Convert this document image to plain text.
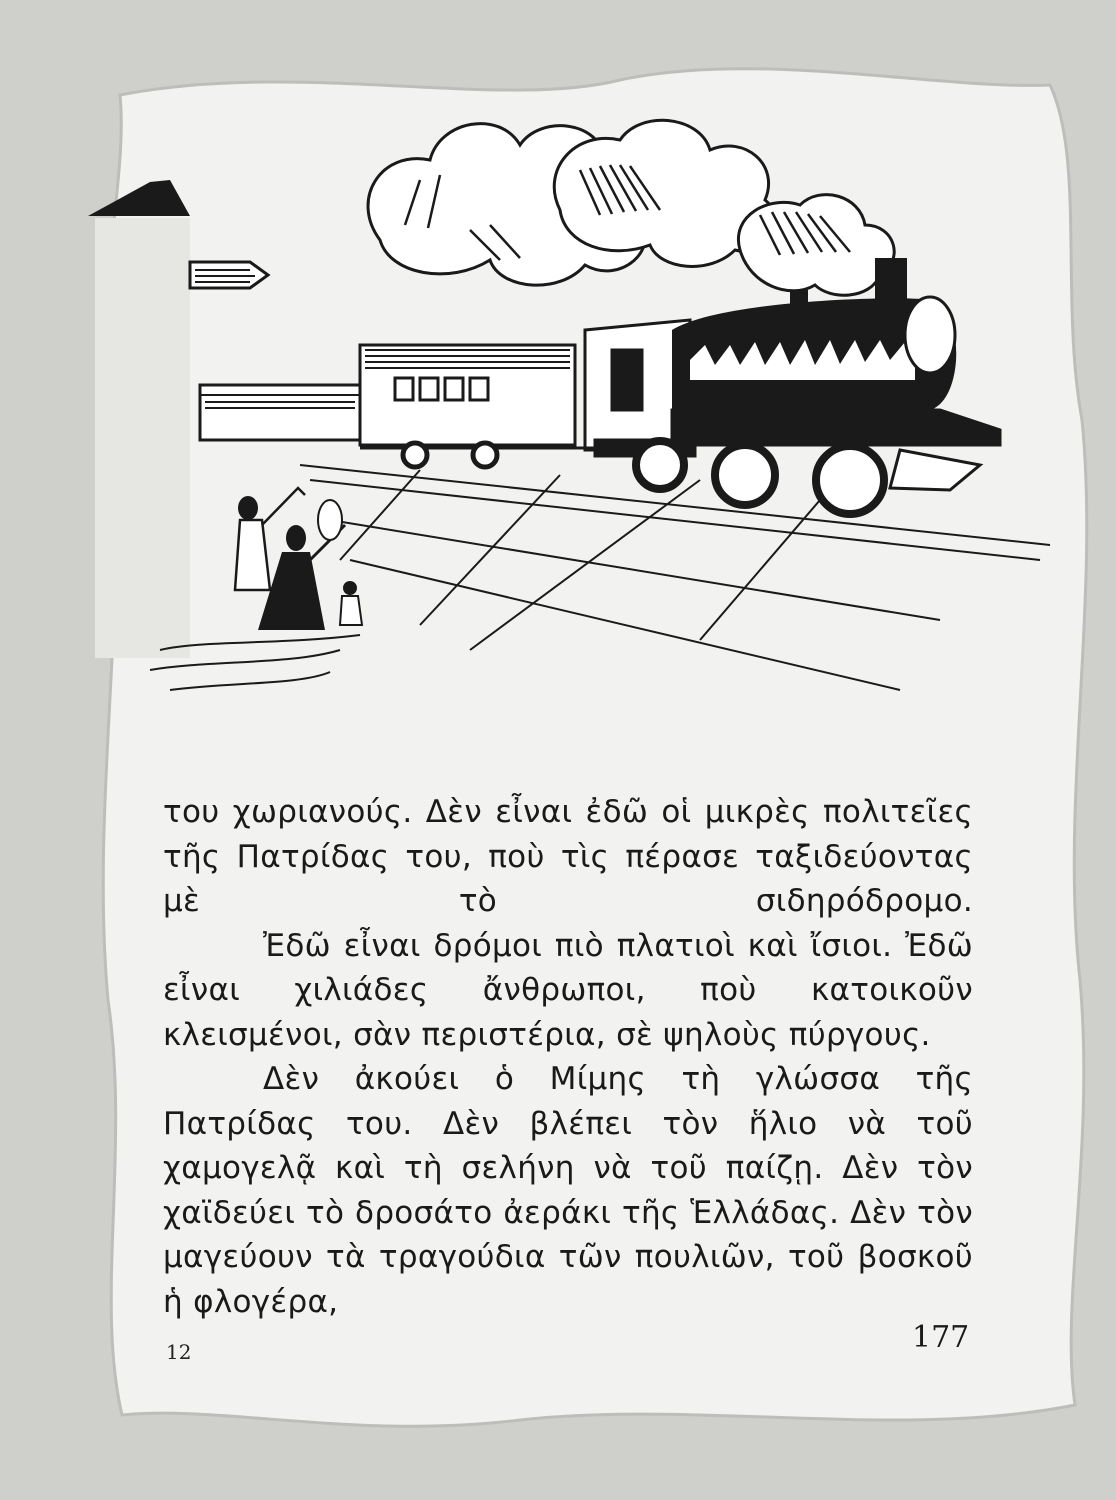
του χωριανούς. Δὲν εἶναι ἐδῶ οἱ μικρὲς πολιτεῖες τῆς Πατρίδας του, ποὺ τὶς πέρασε ταξιδεύοντας μὲ τὸ σιδηρόδρομο.

Ἐδῶ εἶναι δρόμοι πιὸ πλατιοὶ καὶ ἴσιοι. Ἐδῶ εἶναι χιλιάδες ἄνθρωποι, ποὺ κατοικοῦν κλεισμένοι, σὰν περιστέρια, σὲ ψηλοὺς πύργους.

Δὲν ἀκούει ὁ Μίμης τὴ γλώσσα τῆς Πατρίδας του. Δὲν βλέπει τὸν ἥλιο νὰ τοῦ χαμογελᾷ καὶ τὴ σελήνη νὰ τοῦ παίζῃ. Δὲν τὸν χαϊδεύει τὸ δροσάτο ἀεράκι τῆς Ἑλλάδας. Δὲν τὸν μαγεύουν τὰ τραγούδια τῶν πουλιῶν, τοῦ βοσκοῦ ἡ φλογέρα,

12	177
